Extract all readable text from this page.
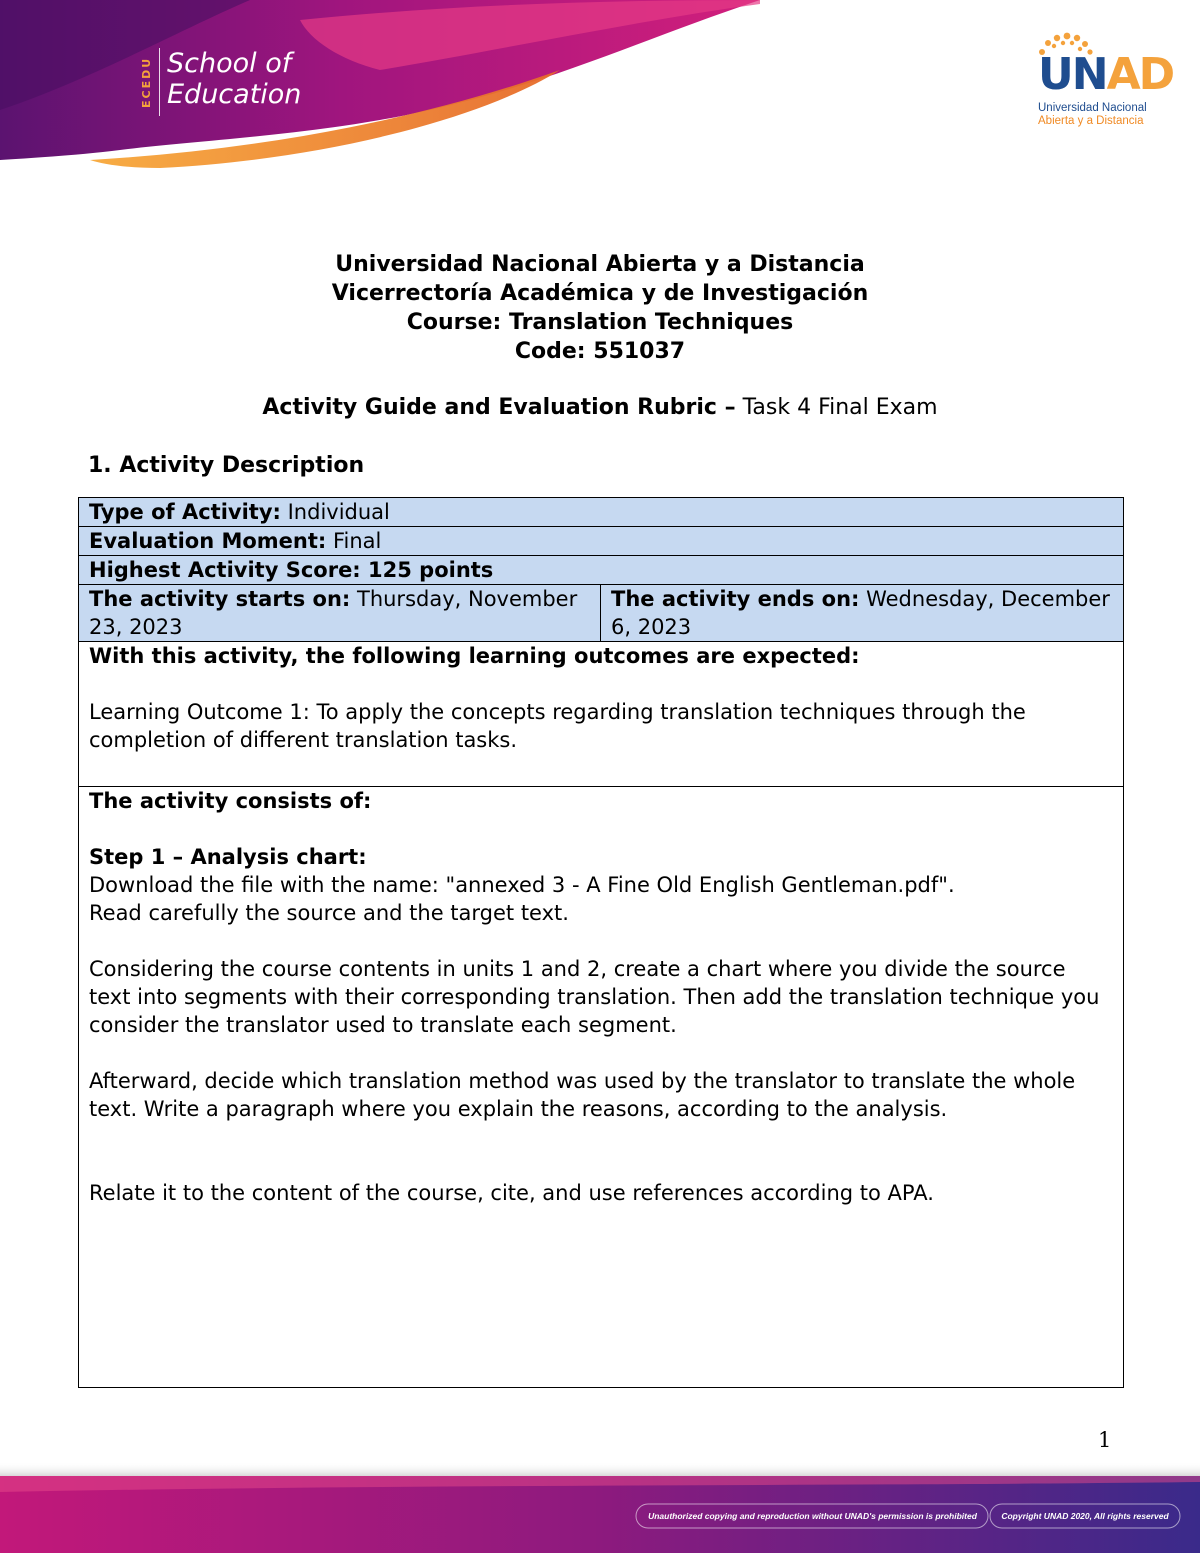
ECEDU School of
Education	UNAD
Universidad Nacional
Abierta y a Distancia
Universidad Nacional Abierta y a Distancia
Vicerrectoría Académica y de Investigación
Course: Translation Techniques
Code: 551037
Activity Guide and Evaluation Rubric – Task 4 Final Exam
1. Activity Description
Type of Activity: Individual
Evaluation Moment: Final
Highest Activity Score: 125 points
The activity starts on: Thursday, November 23, 2023	The activity ends on: Wednesday, December 6, 2023

With this activity, the following learning outcomes are expected:

Learning Outcome 1: To apply the concepts regarding translation techniques through the completion of different translation tasks.

The activity consists of:

Step 1 – Analysis chart:

Download the file with the name: "annexed 3 - A Fine Old English Gentleman.pdf".

Read carefully the source and the target text.

Considering the course contents in units 1 and 2, create a chart where you divide the source text into segments with their corresponding translation. Then add the translation technique you consider the translator used to translate each segment.

Afterward, decide which translation method was used by the translator to translate the whole text. Write a paragraph where you explain the reasons, according to the analysis.

Relate it to the content of the course, cite, and use references according to APA.

1
Unauthorized copying and reproduction without UNAD's permission is prohibited	Copyright UNAD 2020, All rights reserved
